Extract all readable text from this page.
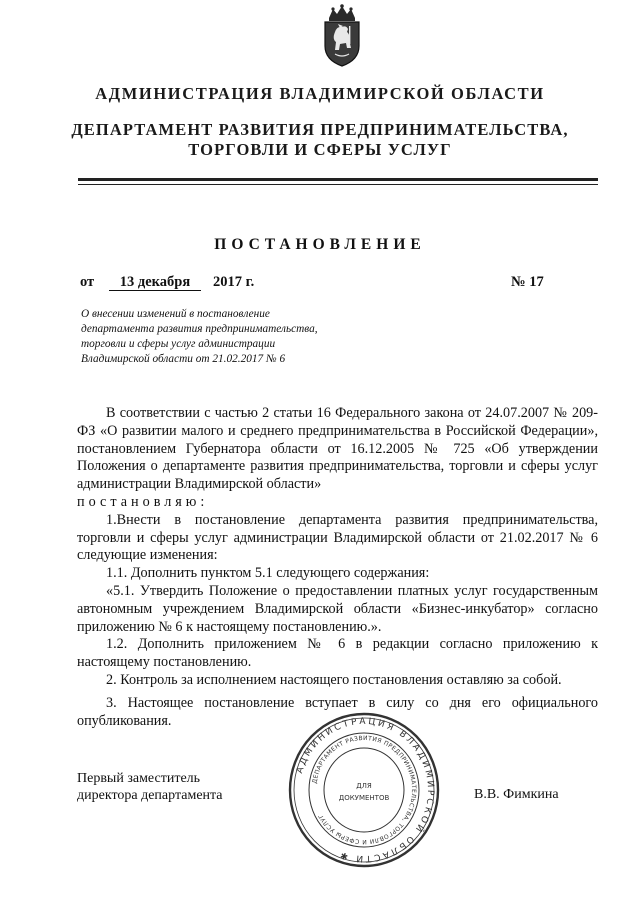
АДМИНИСТРАЦИЯ ВЛАДИМИРСКОЙ ОБЛАСТИ
ДЕПАРТАМЕНТ РАЗВИТИЯ ПРЕДПРИНИМАТЕЛЬСТВА,
ТОРГОВЛИ И СФЕРЫ УСЛУГ
ПОСТАНОВЛЕНИЕ
от	13 декабря	2017 г.	№ 17
О внесении изменений в постановление
департамента развития предпринимательства,
торговли и сферы услуг администрации
Владимирской области от 21.02.2017 № 6

В соответствии с частью 2 статьи 16 Федерального закона от 24.07.2007 № 209-ФЗ «О развитии малого и среднего предпринимательства в Российской Федерации», постановлением Губернатора области от 16.12.2005 № 725 «Об утверждении Положения о департаменте развития предпринимательства, торговли и сферы услуг администрации Владимирской области»

постановляю:

1.Внести в постановление департамента развития предпринимательства, торговли и сферы услуг администрации Владимирской области от 21.02.2017 № 6 следующие изменения:

1.1. Дополнить пунктом 5.1 следующего содержания:

«5.1. Утвердить Положение о предоставлении платных услуг государственным автономным учреждением Владимирской области «Бизнес-инкубатор» согласно приложению № 6 к настоящему постановлению.».

1.2. Дополнить приложением № 6 в редакции согласно приложению к настоящему постановлению.

2. Контроль за исполнением настоящего постановления оставляю за собой.

3. Настоящее постановление вступает в силу со дня его официального опубликования.

Первый заместитель
директора департамента	В.В. Фимкина
АДМИНИСТРАЦИЯ ВЛАДИМИРСКОЙ ОБЛАСТИ ✱
ДЕПАРТАМЕНТ РАЗВИТИЯ ПРЕДПРИНИМАТЕЛЬСТВА, ТОРГОВЛИ И СФЕРЫ УСЛУГ
ДЛЯ
ДОКУМЕНТОВ
